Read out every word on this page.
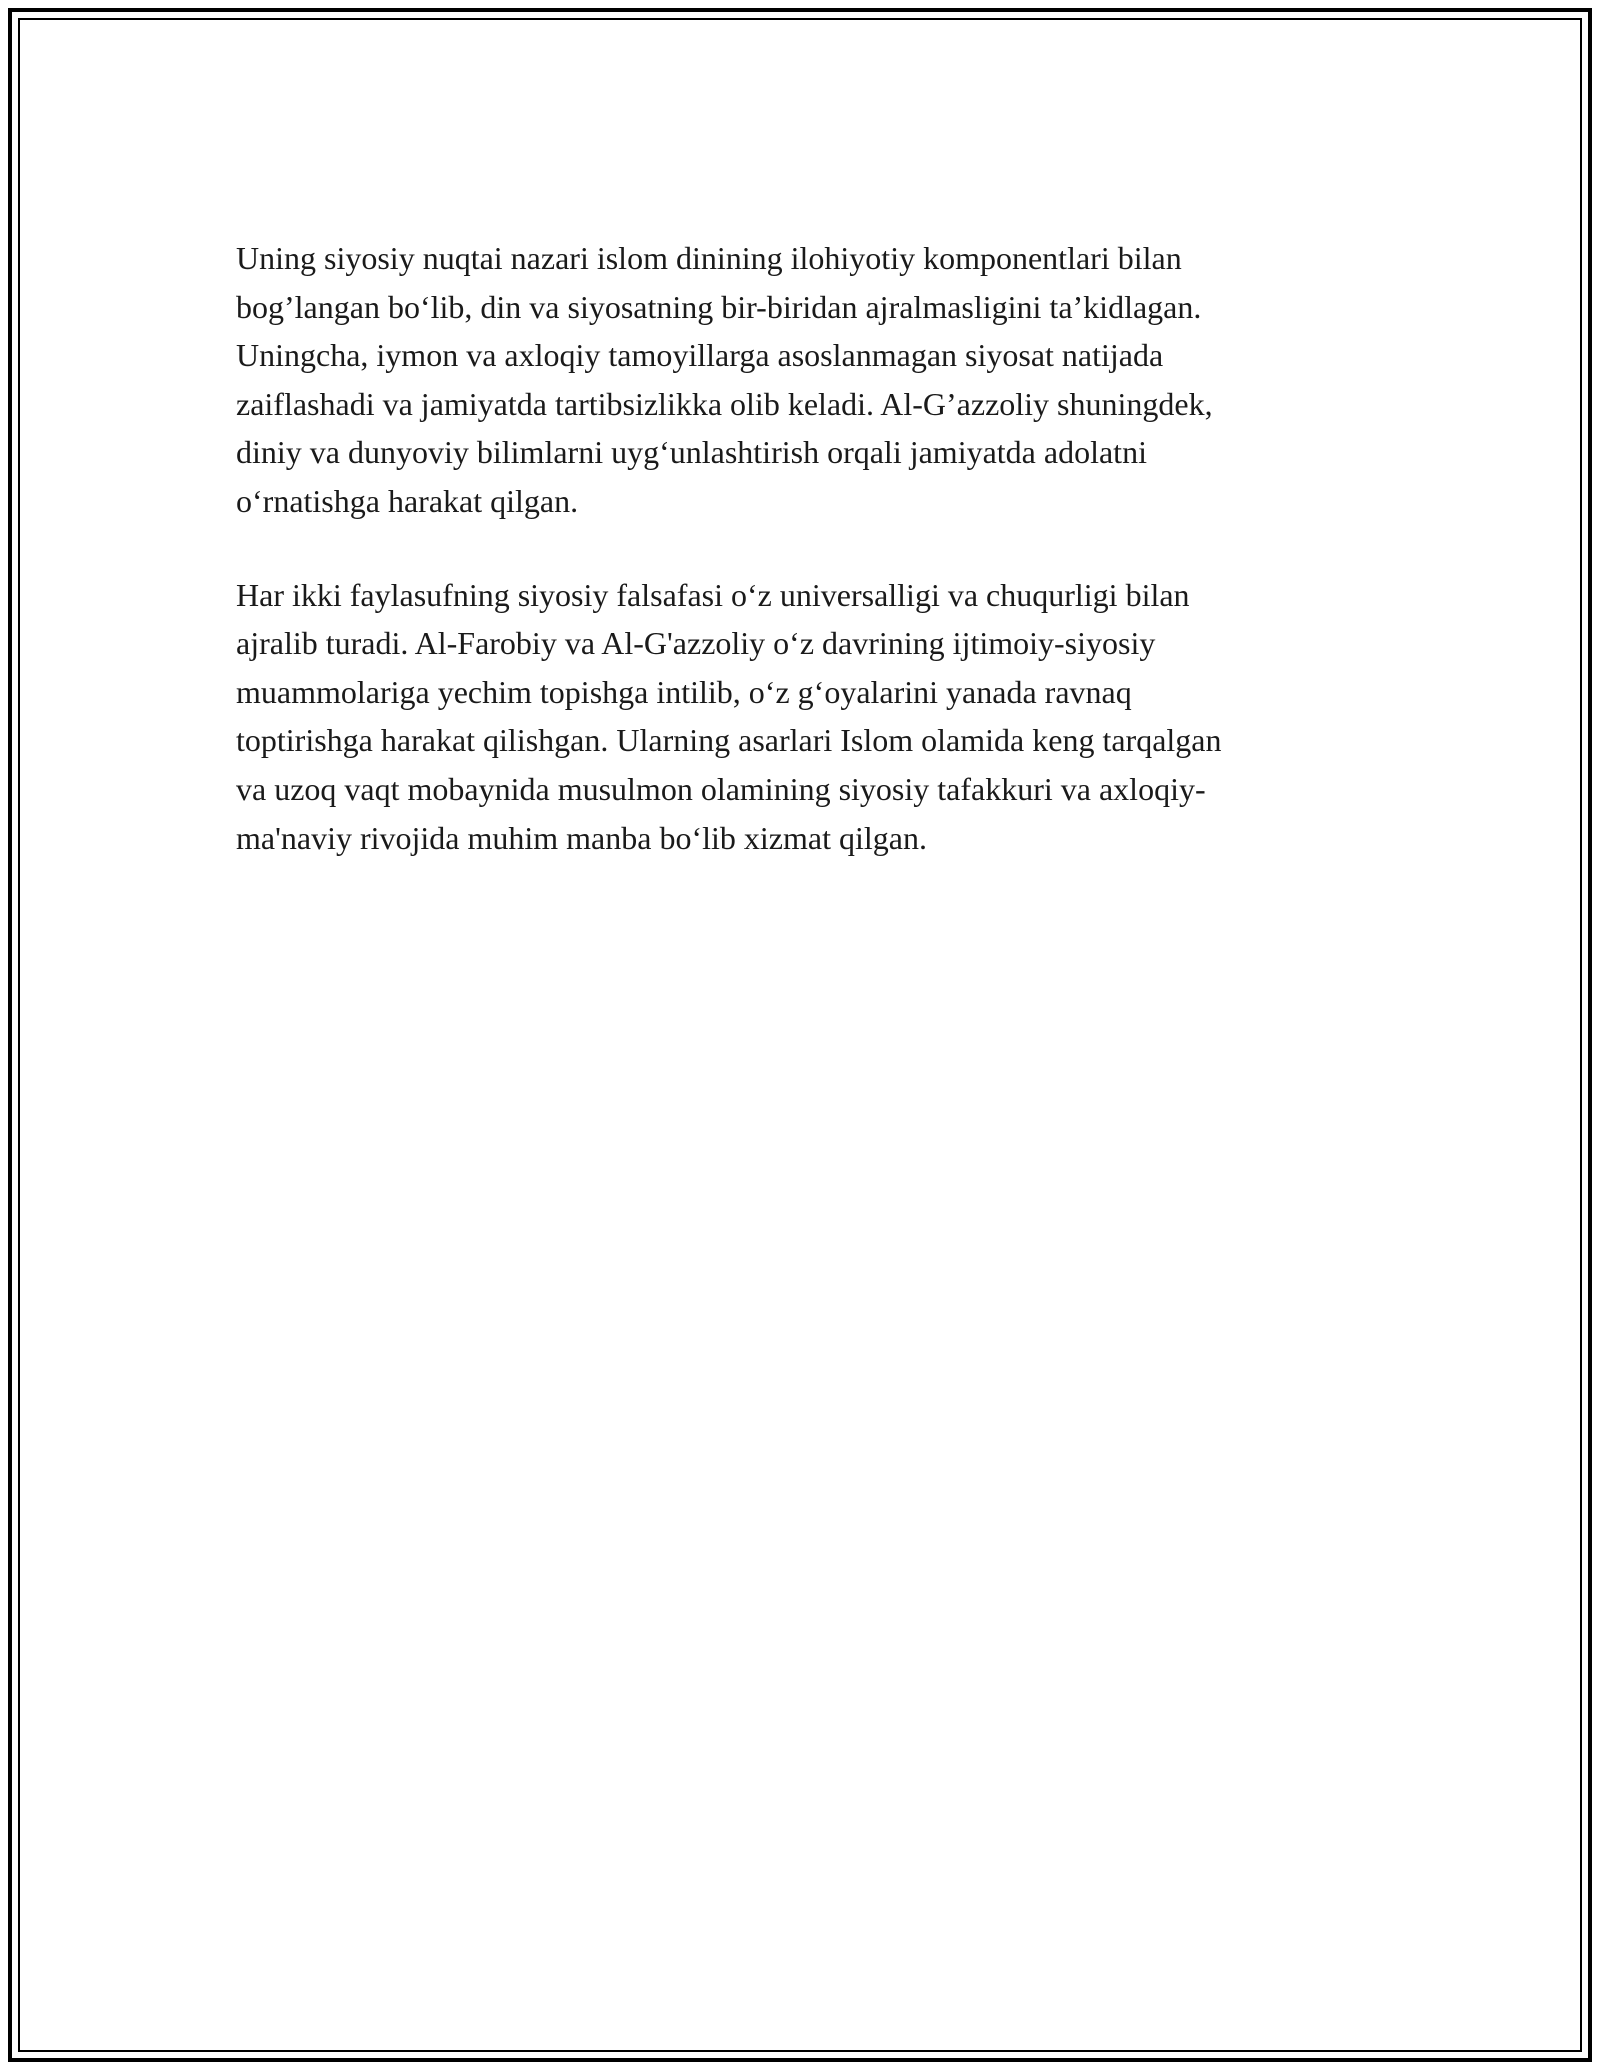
Uning siyosiy nuqtai nazari islom dinining ilohiyotiy komponentlari bilan
bog’langan bo‘lib, din va siyosatning bir-biridan ajralmasligini ta’kidlagan.
Uningcha, iymon va axloqiy tamoyillarga asoslanmagan siyosat natijada
zaiflashadi va jamiyatda tartibsizlikka olib keladi. Al-G’azzoliy shuningdek,
diniy va dunyoviy bilimlarni uyg‘unlashtirish orqali jamiyatda adolatni
o‘rnatishga harakat qilgan.

Har ikki faylasufning siyosiy falsafasi o‘z universalligi va chuqurligi bilan
ajralib turadi. Al-Farobiy va Al-G'azzoliy o‘z davrining ijtimoiy-siyosiy
muammolariga yechim topishga intilib, o‘z g‘oyalarini yanada ravnaq
toptirishga harakat qilishgan. Ularning asarlari Islom olamida keng tarqalgan
va uzoq vaqt mobaynida musulmon olamining siyosiy tafakkuri va axloqiy-
ma'naviy rivojida muhim manba bo‘lib xizmat qilgan.
